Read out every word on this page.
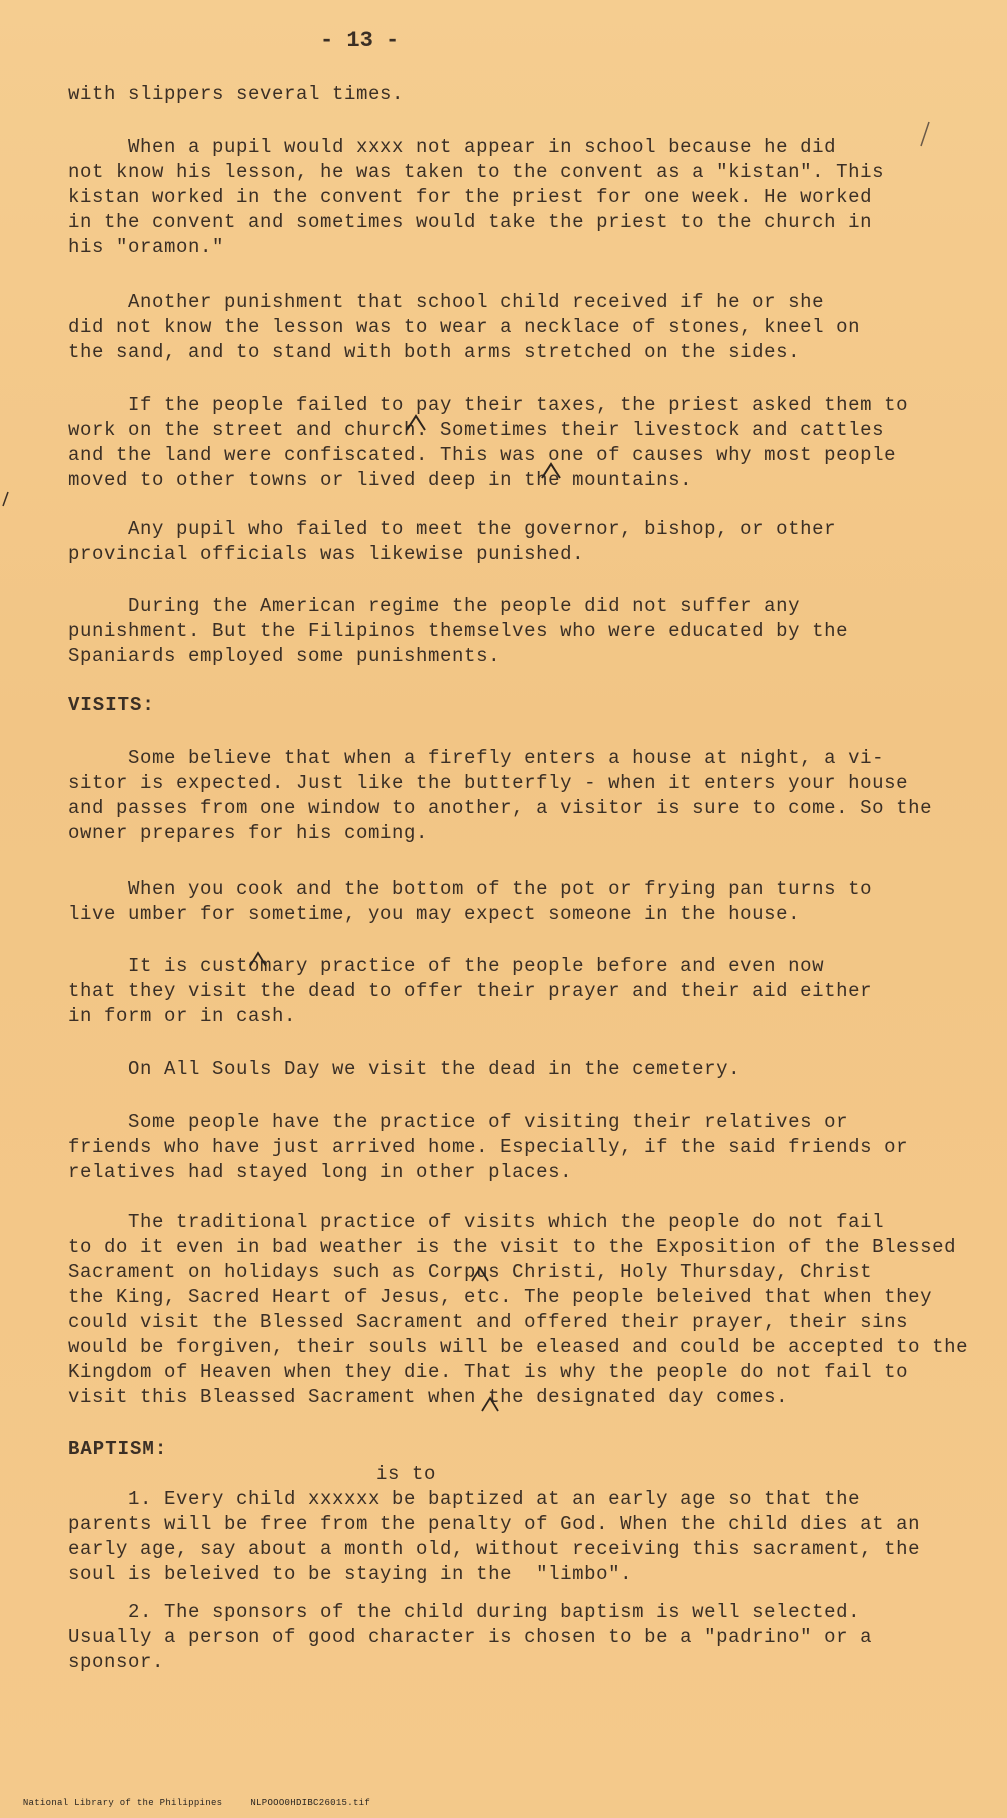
- 13 -

with slippers several times.

When a pupil would xxxx not appear in school because he did
not know his lesson, he was taken to the convent as a "kistan". This
kistan worked in the convent for the priest for one week. He worked
in the convent and sometimes would take the priest to the church in
his "oramon."

Another punishment that school child received if he or she
did not know the lesson was to wear a necklace of stones, kneel on
the sand, and to stand with both arms stretched on the sides.

If the people failed to pay their taxes, the priest asked them to
work on the street and church. Sometimes their livestock and cattles
and the land were confiscated. This was one of causes why most people
moved to other towns or lived deep in the mountains.

Any pupil who failed to meet the governor, bishop, or other
provincial officials was likewise punished.

During the American regime the people did not suffer any
punishment. But the Filipinos themselves who were educated by the
Spaniards employed some punishments.

VISITS:

Some believe that when a firefly enters a house at night, a vi-
sitor is expected. Just like the butterfly - when it enters your house
and passes from one window to another, a visitor is sure to come. So the
owner prepares for his coming.

When you cook and the bottom of the pot or frying pan turns to
live umber for sometime, you may expect someone in the house.

It is customary practice of the people before and even now
that they visit the dead to offer their prayer and their aid either
in form or in cash.

On All Souls Day we visit the dead in the cemetery.

Some people have the practice of visiting their relatives or
friends who have just arrived home. Especially, if the said friends or
relatives had stayed long in other places.

The traditional practice of visits which the people do not fail
to do it even in bad weather is the visit to the Exposition of the Blessed
Sacrament on holidays such as Corpus Christi, Holy Thursday, Christ
the King, Sacred Heart of Jesus, etc. The people beleived that when they
could visit the Blessed Sacrament and offered their prayer, their sins
would be forgiven, their souls will be eleased and could be accepted to the
Kingdom of Heaven when they die. That is why the people do not fail to
visit this Bleassed Sacrament when the designated day comes.

BAPTISM:
is to

1. Every child xxxxxx be baptized at an early age so that the
parents will be free from the penalty of God. When the child dies at an
early age, say about a month old, without receiving this sacrament, the
soul is beleived to be staying in the  "limbo".

2. The sponsors of the child during baptism is well selected.
Usually a person of good character is chosen to be a "padrino" or a
sponsor.

National Library of the Philippines	NLPOOO0HDIBC26015.tif
